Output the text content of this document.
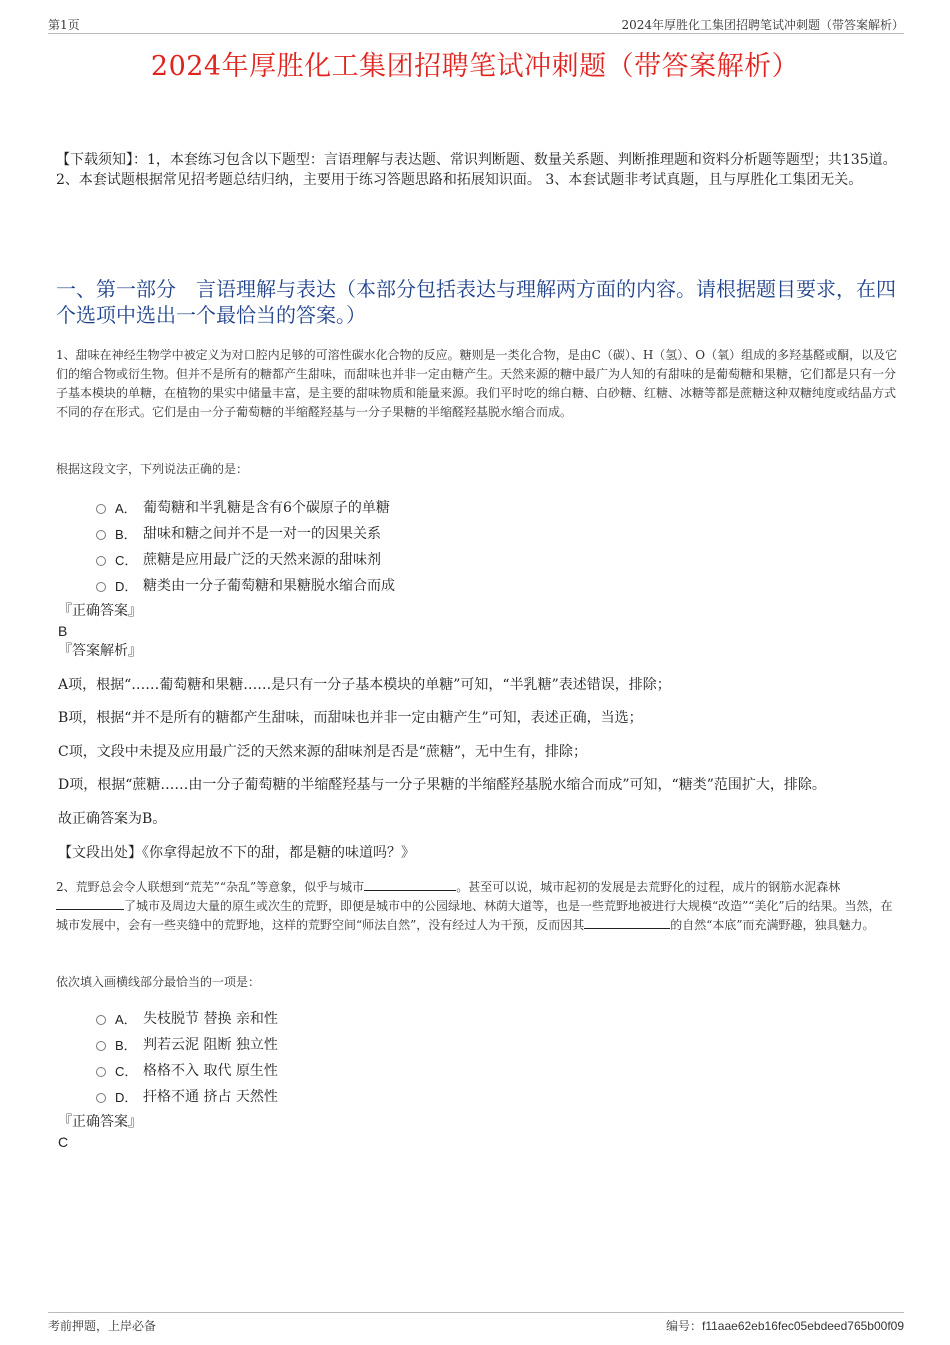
第1页	2024年厚胜化工集团招聘笔试冲刺题（带答案解析）
2024年厚胜化工集团招聘笔试冲刺题（带答案解析）
【下载须知】：1，本套练习包含以下题型：言语理解与表达题、常识判断题、数量关系题、判断推理题和资料分析题等题型；共135道。 2、本套试题根据常见招考题总结归纳，主要用于练习答题思路和拓展知识面。 3、本套试题非考试真题，且与厚胜化工集团无关。
一、第一部分　言语理解与表达（本部分包括表达与理解两方面的内容。请根据题目要求，在四个选项中选出一个最恰当的答案。）
1、甜味在神经生物学中被定义为对口腔内足够的可溶性碳水化合物的反应。糖则是一类化合物，是由C（碳）、H（氢）、O（氧）组成的多羟基醛或酮，以及它们的缩合物或衍生物。但并不是所有的糖都产生甜味，而甜味也并非一定由糖产生。天然来源的糖中最广为人知的有甜味的是葡萄糖和果糖，它们都是只有一分子基本模块的单糖，在植物的果实中储量丰富，是主要的甜味物质和能量来源。我们平时吃的绵白糖、白砂糖、红糖、冰糖等都是蔗糖这种双糖纯度或结晶方式不同的存在形式。它们是由一分子葡萄糖的半缩醛羟基与一分子果糖的半缩醛羟基脱水缩合而成。
根据这段文字，下列说法正确的是：
A． 葡萄糖和半乳糖是含有6个碳原子的单糖
B． 甜味和糖之间并不是一对一的因果关系
C． 蔗糖是应用最广泛的天然来源的甜味剂
D． 糖类由一分子葡萄糖和果糖脱水缩合而成
『正确答案』
B
『答案解析』
A项，根据“……葡萄糖和果糖……是只有一分子基本模块的单糖”可知，“半乳糖”表述错误，排除；
B项，根据“并不是所有的糖都产生甜味，而甜味也并非一定由糖产生”可知，表述正确，当选；
C项，文段中未提及应用最广泛的天然来源的甜味剂是否是“蔗糖”，无中生有，排除；
D项，根据“蔗糖……由一分子葡萄糖的半缩醛羟基与一分子果糖的半缩醛羟基脱水缩合而成”可知，“糖类”范围扩大，排除。
故正确答案为B。
【文段出处】《你拿得起放不下的甜，都是糖的味道吗？》
2、荒野总会令人联想到“荒芜”“杂乱”等意象，似乎与城市	。甚至可以说，城市起初的发展是去荒野化的过程，成片的钢筋水泥森林了城市及周边大量的原生或次生的荒野，即便是城市中的公园绿地、林荫大道等，也是一些荒野地被进行大规模“改造”“美化”后的结果。当然，在城市发展中，会有一些夹缝中的荒野地，这样的荒野空间“师法自然”，没有经过人为干预，反而因其	的自然“本底”而充满野趣，独具魅力。
依次填入画横线部分最恰当的一项是：
A． 失枝脱节 替换 亲和性
B． 判若云泥 阻断 独立性
C． 格格不入 取代 原生性
D． 扞格不通 挤占 天然性
『正确答案』
C
考前押题，上岸必备	编号：f11aae62eb16fec05ebdeed765b00f09
